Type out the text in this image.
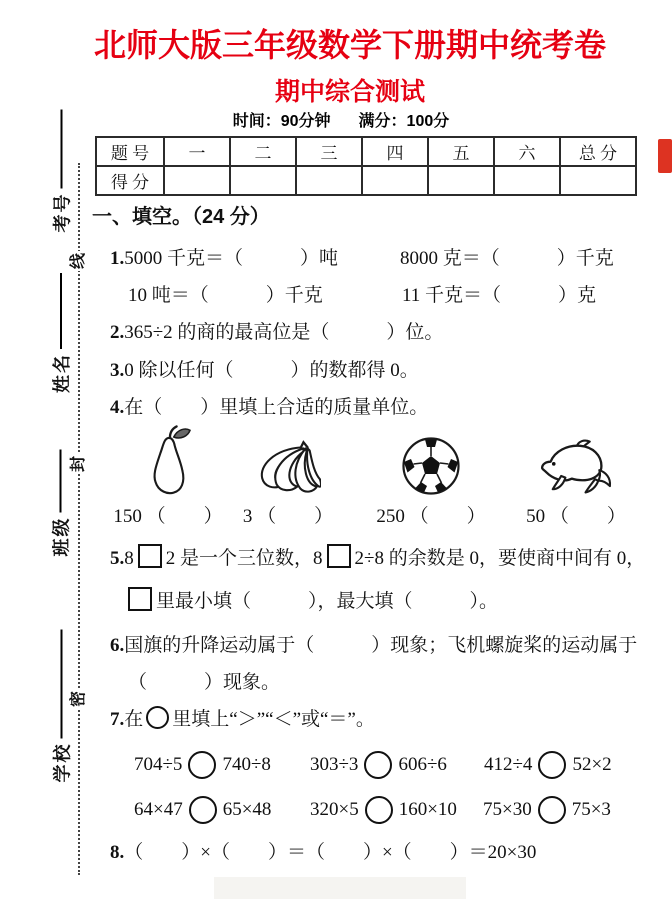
考号
姓名
班级
学校
线
封
密
北师大版三年级数学下册期中统考卷
期中综合测试
时间：90分钟 满分：100分
题 号	一	二	三	四	五	六	总 分
得 分							
一、填空。（24 分）
1.5000 千克＝（　　　）吨	8000 克＝（　　　）千克
10 吨＝（　　　）千克	11 千克＝（　　　）克
2.365÷2 的商的最高位是（　　　）位。
3.0 除以任何（　　　）的数都得 0。
4.在（　　）里填上合适的质量单位。
150 （　　） 3 （　　） 250 （　　） 50 （　　）
5.8 2 是一个三位数，8 2÷8 的余数是 0，要使商中间有 0，
里最小填（　　　），最大填（　　　）。
6.国旗的升降运动属于（　　　）现象；飞机螺旋桨的运动属于
（　　　）现象。
7.在 里填上“＞”“＜”或“＝”。
704÷5 740÷8 303÷3 606÷6 412÷4 52×2
64×47 65×48 320×5 160×10 75×30 75×3
8.（　　）×（　　）＝（　　）×（　　）＝20×30
